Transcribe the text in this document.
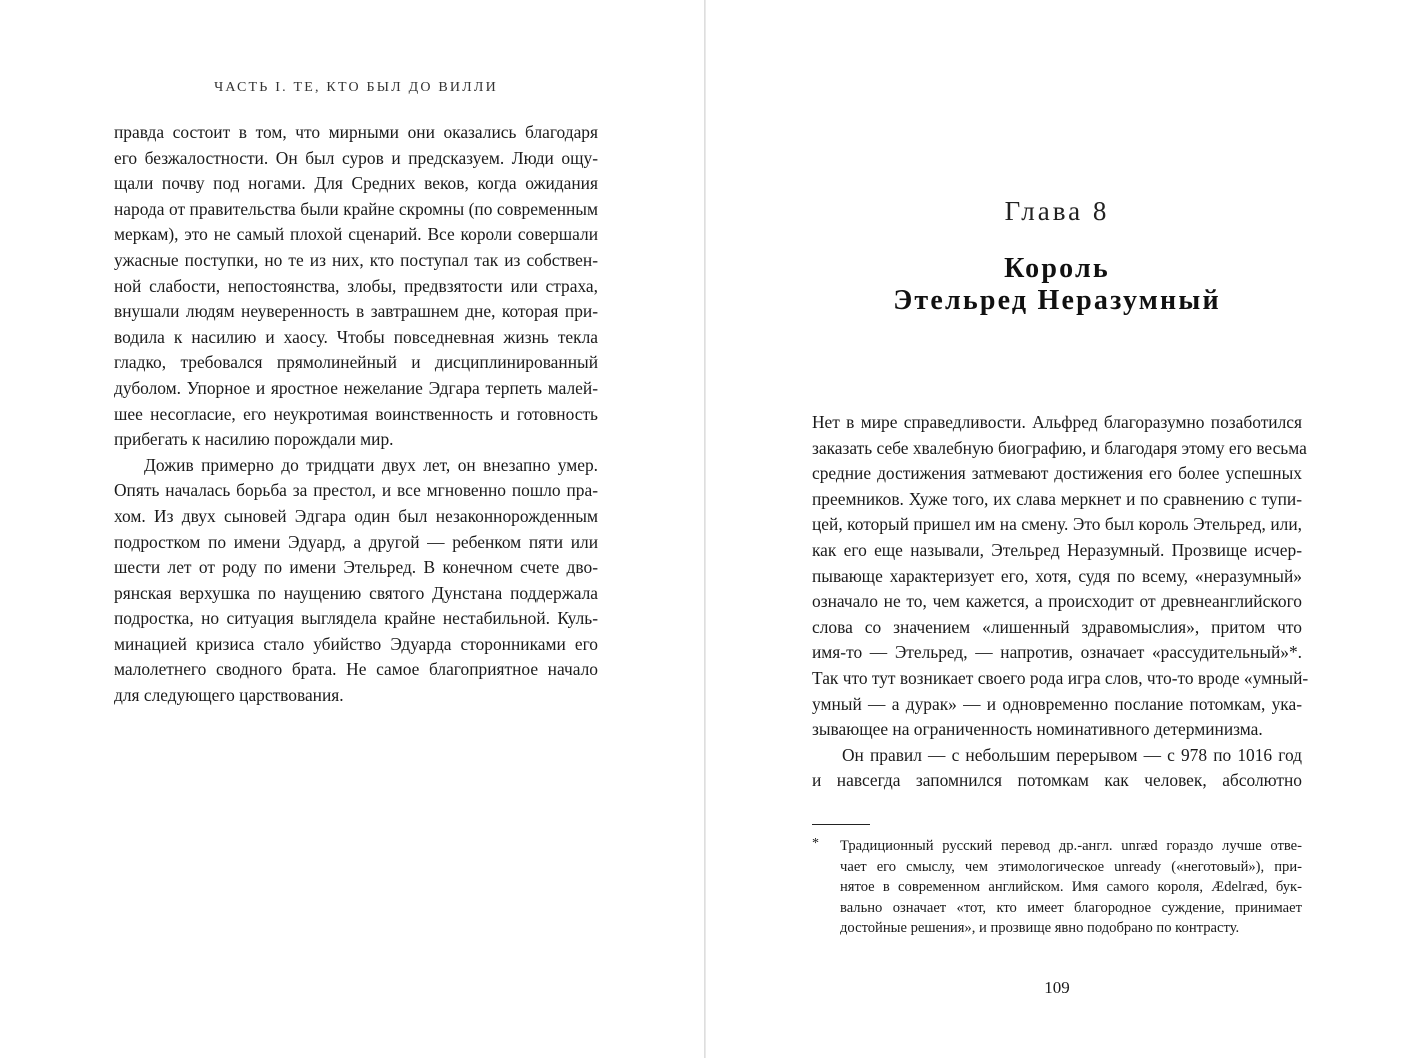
ЧАСТЬ I. ТЕ, КТО БЫЛ ДО ВИЛЛИ
правда состоит в том, что мирными они оказались благодаря
его безжалостности. Он был суров и предсказуем. Люди ощу-
щали почву под ногами. Для Средних веков, когда ожидания
народа от правительства были крайне скромны (по современным
меркам), это не самый плохой сценарий. Все короли совершали
ужасные поступки, но те из них, кто поступал так из собствен-
ной слабости, непостоянства, злобы, предвзятости или страха,
внушали людям неуверенность в завтрашнем дне, которая при-
водила к насилию и хаосу. Чтобы повседневная жизнь текла
гладко, требовался прямолинейный и дисциплинированный
дуболом. Упорное и яростное нежелание Эдгара терпеть малей-
шее несогласие, его неукротимая воинственность и готовность
прибегать к насилию порождали мир.
Дожив примерно до тридцати двух лет, он внезапно умер.
Опять началась борьба за престол, и все мгновенно пошло пра-
хом. Из двух сыновей Эдгара один был незаконнорожденным
подростком по имени Эдуард, а другой — ребенком пяти или
шести лет от роду по имени Этельред. В конечном счете дво-
рянская верхушка по наущению святого Дунстана поддержала
подростка, но ситуация выглядела крайне нестабильной. Куль-
минацией кризиса стало убийство Эдуарда сторонниками его
малолетнего сводного брата. Не самое благоприятное начало
для следующего царствования.
Глава 8
Король
Этельред Неразумный
Нет в мире справедливости. Альфред благоразумно позаботился
заказать себе хвалебную биографию, и благодаря этому его весьма
средние достижения затмевают достижения его более успешных
преемников. Хуже того, их слава меркнет и по сравнению с тупи-
цей, который пришел им на смену. Это был король Этельред, или,
как его еще называли, Этельред Неразумный. Прозвище исчер-
пывающе характеризует его, хотя, судя по всему, «неразумный»
означало не то, чем кажется, а происходит от древнеанглийского
слова со значением «лишенный здравомыслия», притом что
имя-то — Этельред, — напротив, означает «рассудительный»*.
Так что тут возникает своего рода игра слов, что-то вроде «умный-
умный — а дурак» — и одновременно послание потомкам, ука-
зывающее на ограниченность номинативного детерминизма.
Он правил — с небольшим перерывом — с 978 по 1016 год
и навсегда запомнился потомкам как человек, абсолютно
* Традиционный русский перевод др.-англ. unræd гораздо лучше отве-
чает его смыслу, чем этимологическое unready («неготовый»), при-
нятое в современном английском. Имя самого короля, Ædelræd, бук-
вально означает «тот, кто имеет благородное суждение, принимает
достойные решения», и прозвище явно подобрано по контрасту.
109
